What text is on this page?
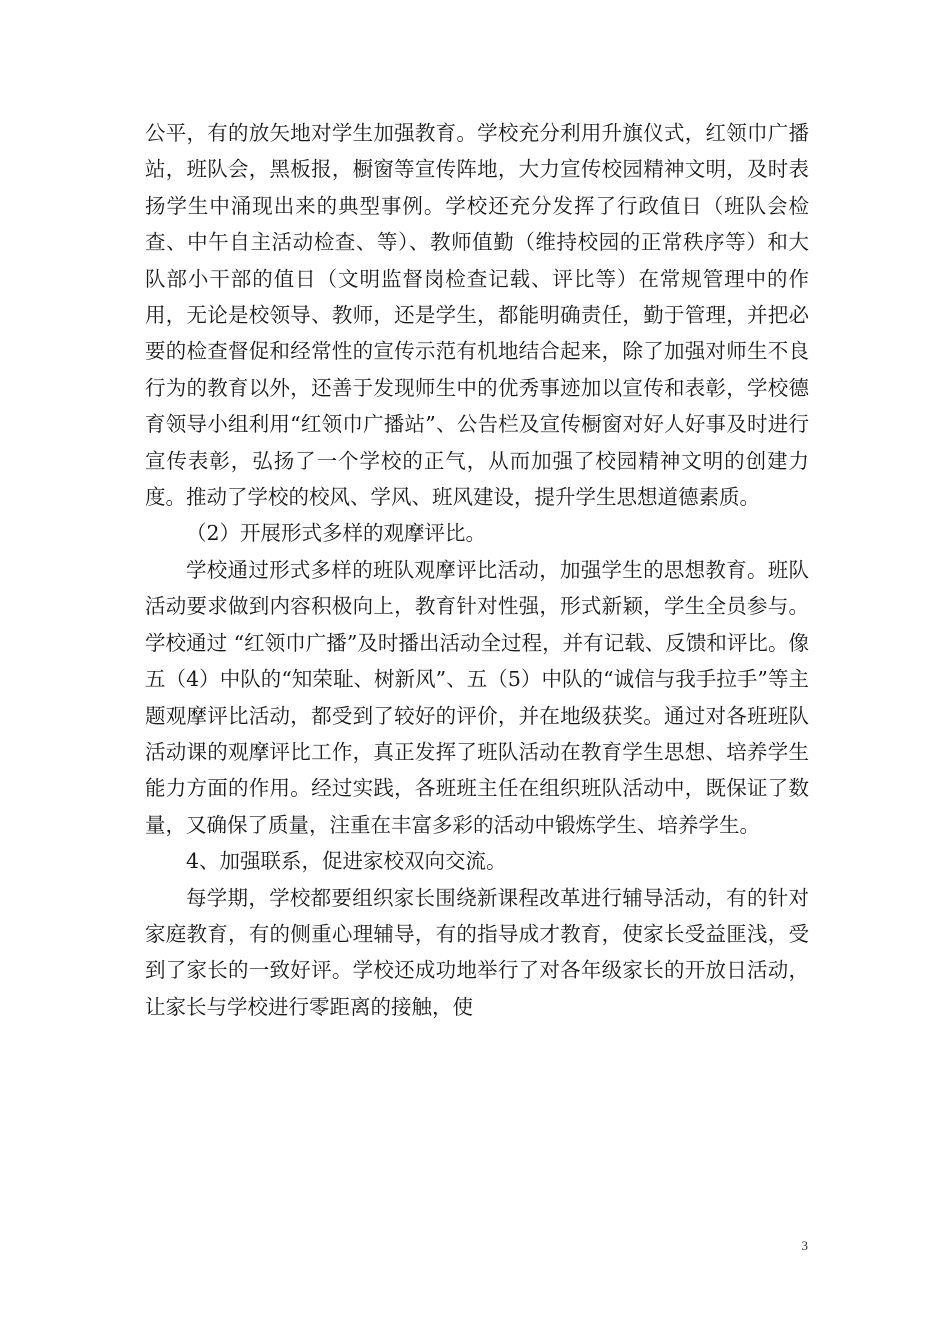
公平，有的放矢地对学生加强教育。学校充分利用升旗仪式，红领巾广播站，班队会，黑板报，橱窗等宣传阵地，大力宣传校园精神文明，及时表扬学生中涌现出来的典型事例。学校还充分发挥了行政值日（班队会检查、中午自主活动检查、等）、教师值勤（维持校园的正常秩序等）和大队部小干部的值日（文明监督岗检查记载、评比等）在常规管理中的作用，无论是校领导、教师，还是学生，都能明确责任，勤于管理，并把必要的检查督促和经常性的宣传示范有机地结合起来，除了加强对师生不良行为的教育以外，还善于发现师生中的优秀事迹加以宣传和表彰，学校德育领导小组利用“红领巾广播站”、公告栏及宣传橱窗对好人好事及时进行宣传表彰，弘扬了一个学校的正气，从而加强了校园精神文明的创建力度。推动了学校的校风、学风、班风建设，提升学生思想道德素质。

（2）开展形式多样的观摩评比。

学校通过形式多样的班队观摩评比活动，加强学生的思想教育。班队活动要求做到内容积极向上，教育针对性强，形式新颖，学生全员参与。学校通过 “红领巾广播”及时播出活动全过程，并有记载、反馈和评比。像五（4）中队的“知荣耻、树新风”、五（5）中队的“诚信与我手拉手”等主题观摩评比活动，都受到了较好的评价，并在地级获奖。通过对各班班队活动课的观摩评比工作，真正发挥了班队活动在教育学生思想、培养学生能力方面的作用。经过实践，各班班主任在组织班队活动中，既保证了数量，又确保了质量，注重在丰富多彩的活动中锻炼学生、培养学生。

4、加强联系，促进家校双向交流。

每学期，学校都要组织家长围绕新课程改革进行辅导活动，有的针对家庭教育，有的侧重心理辅导，有的指导成才教育，使家长受益匪浅，受到了家长的一致好评。学校还成功地举行了对各年级家长的开放日活动，让家长与学校进行零距离的接触，使

3
